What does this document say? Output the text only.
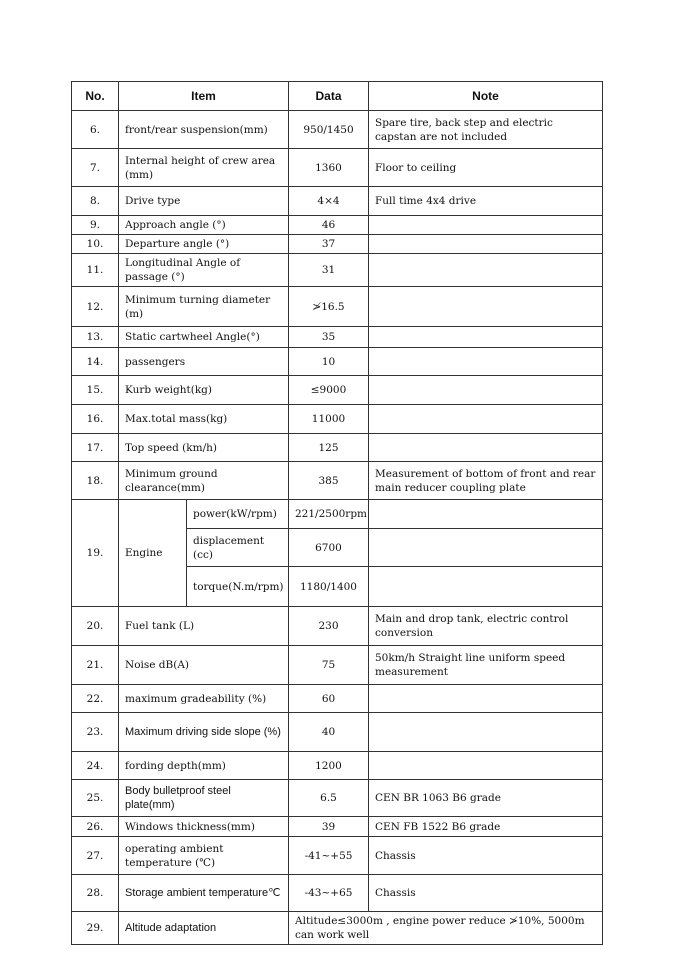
No.	Item		Data	Note
6.	front/rear suspension(mm)		950/1450	Spare tire, back step and electric capstan are not included
7.	Internal height of crew area (mm)		1360	Floor to ceiling
8.	Drive type		4×4	Full time 4x4 drive
9.	Approach angle (°)		46	
10.	Departure angle (°)		37	
11.	Longitudinal Angle of passage (°)		31	
12.	Minimum turning diameter (m)		≯16.5	
13.	Static cartwheel Angle(°)		35	
14.	passengers		10	
15.	Kurb weight(kg)		≤9000	
16.	Max.total mass(kg)		11000	
17.	Top speed (km/h)		125	
18.	Minimum ground clearance(mm)		385	Measurement of bottom of front and rear main reducer coupling plate
19.	Engine	power(kW/rpm)	221/2500rpm	
		displacement (cc)	6700	
		torque(N.m/rpm)	1180/1400	
20.	Fuel tank (L)		230	Main and drop tank, electric control conversion
21.	Noise dB(A)		75	50km/h Straight line uniform speed measurement
22.	maximum gradeability (%)		60	
23.	Maximum driving side slope (%)		40	
24.	fording depth(mm)		1200	
25.	Body bulletproof steel plate(mm)		6.5	CEN BR 1063 B6 grade
26.	Windows thickness(mm)		39	CEN FB 1522 B6 grade
27.	operating ambient temperature (℃)		-41~+55	Chassis
28.	Storage ambient temperature℃		-43~+65	Chassis
29.	Altitude adaptation		Altitude≤3000m , engine power reduce ≯10%, 5000m can work well	
